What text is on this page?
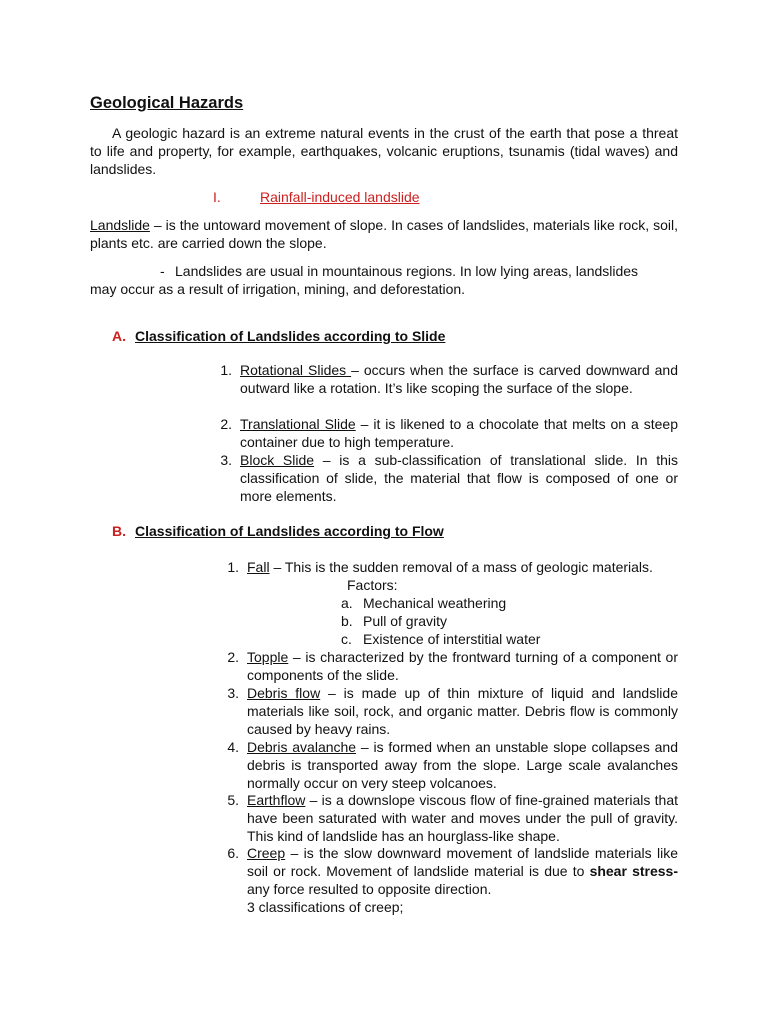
Geological Hazards
A geologic hazard is an extreme natural events in the crust of the earth that pose a threat to life and property, for example, earthquakes, volcanic eruptions, tsunamis (tidal waves) and landslides.
I.	Rainfall-induced landslide
Landslide – is the untoward movement of slope. In cases of landslides, materials like rock, soil, plants etc. are carried down the slope.
- Landslides are usual in mountainous regions. In low lying areas, landslides
may occur as a result of irrigation, mining, and deforestation.
A. Classification of Landslides according to Slide
1. Rotational Slides – occurs when the surface is carved downward and outward like a rotation. It’s like scoping the surface of the slope.
2. Translational Slide – it is likened to a chocolate that melts on a steep container due to high temperature.
3. Block Slide – is a sub-classification of translational slide. In this classification of slide, the material that flow is composed of one or more elements.
B. Classification of Landslides according to Flow
1. Fall – This is the sudden removal of a mass of geologic materials.
Factors:
a. Mechanical weathering
b. Pull of gravity
c. Existence of interstitial water
2. Topple – is characterized by the frontward turning of a component or components of the slide.
3. Debris flow – is made up of thin mixture of liquid and landslide materials like soil, rock, and organic matter. Debris flow is commonly caused by heavy rains.
4. Debris avalanche – is formed when an unstable slope collapses and debris is transported away from the slope. Large scale avalanches normally occur on very steep volcanoes.
5. Earthflow – is a downslope viscous flow of fine-grained materials that have been saturated with water and moves under the pull of gravity. This kind of landslide has an hourglass-like shape.
6. Creep – is the slow downward movement of landslide materials like soil or rock. Movement of landslide material is due to shear stress- any force resulted to opposite direction.
3 classifications of creep;
